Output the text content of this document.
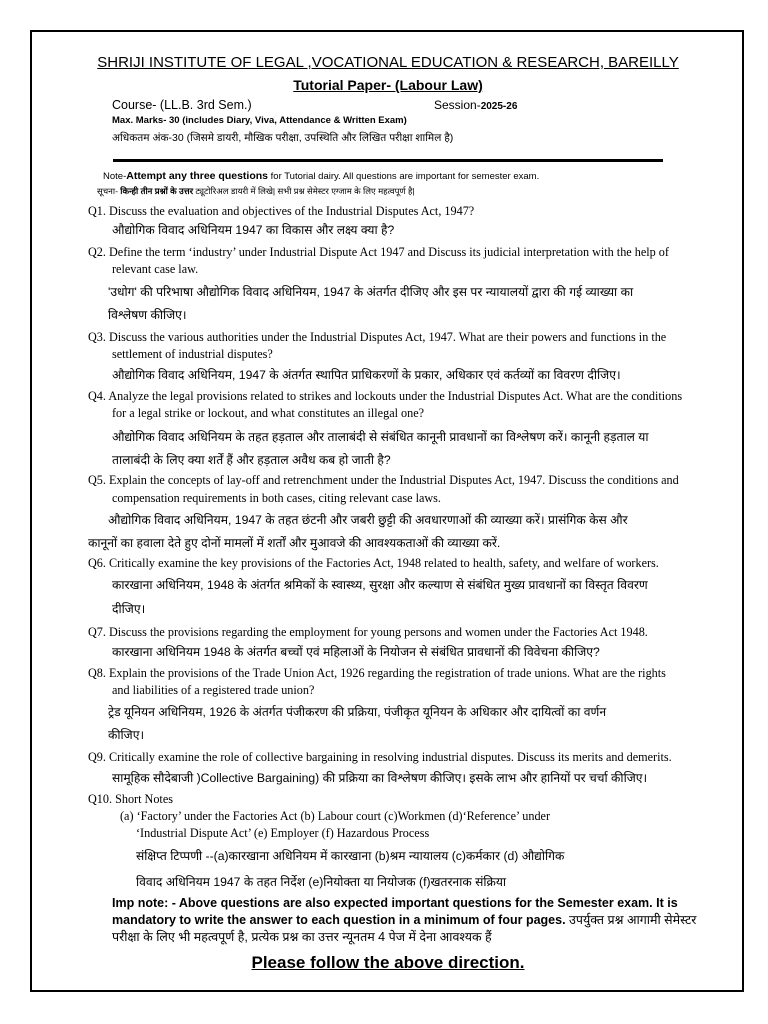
SHRIJI INSTITUTE OF LEGAL ,VOCATIONAL EDUCATION & RESEARCH, BAREILLY
Tutorial Paper- (Labour Law)
Course- (LL.B. 3rd Sem.)	Session-2025-26
Max. Marks- 30 (includes Diary, Viva, Attendance & Written Exam)
अधिकतम अंक-30 (जिसमे डायरी, मौखिक परीक्षा, उपस्थिति और लिखित परीक्षा शामिल है)
Note-Attempt any three questions for Tutorial dairy. All questions are important for semester exam.
सूचना- किन्ही तीन प्रश्नों के उत्तर ट्यूटोरिअल डायरी में लिखे| सभी प्रश्न सेमेस्टर एग्जाम के लिए महत्वपूर्ण है|
Q1. Discuss the evaluation and objectives of the Industrial Disputes Act, 1947?
औद्योगिक विवाद अधिनियम 1947 का विकास और लक्ष्य क्या है?
Q2. Define the term ‘industry’ under Industrial Dispute Act 1947 and Discuss its judicial interpretation with the help of
relevant case law.
'उधोग' की परिभाषा औद्योगिक विवाद अधिनियम, 1947 के अंतर्गत दीजिए और इस पर न्यायालयों द्वारा की गई व्याख्या का
विश्लेषण कीजिए।
Q3. Discuss the various authorities under the Industrial Disputes Act, 1947. What are their powers and functions in the
settlement of industrial disputes?
औद्योगिक विवाद अधिनियम, 1947 के अंतर्गत स्थापित प्राधिकरणों के प्रकार, अधिकार एवं कर्तव्यों का विवरण दीजिए।
Q4. Analyze the legal provisions related to strikes and lockouts under the Industrial Disputes Act. What are the conditions
for a legal strike or lockout, and what constitutes an illegal one?
औद्योगिक विवाद अधिनियम के तहत हड़ताल और तालाबंदी से संबंधित कानूनी प्रावधानों का विश्लेषण करें। कानूनी हड़ताल या
तालाबंदी के लिए क्या शर्तें हैं और हड़ताल अवैध कब हो जाती है?
Q5. Explain the concepts of lay-off and retrenchment under the Industrial Disputes Act, 1947. Discuss the conditions and
compensation requirements in both cases, citing relevant case laws.
औद्योगिक विवाद अधिनियम, 1947 के तहत छंटनी और जबरी छुट्टी की अवधारणाओं की व्याख्या करें। प्रासंगिक केस और
कानूनों का हवाला देते हुए दोनों मामलों में शर्तों और मुआवजे की आवश्यकताओं की व्याख्या करें.
Q6. Critically examine the key provisions of the Factories Act, 1948 related to health, safety, and welfare of workers.
कारखाना अधिनियम, 1948 के अंतर्गत श्रमिकों के स्वास्थ्य, सुरक्षा और कल्याण से संबंधित मुख्य प्रावधानों का विस्तृत विवरण
दीजिए।
Q7. Discuss the provisions regarding the employment for young persons and women under the Factories Act 1948.
कारखाना अधिनियम 1948 के अंतर्गत बच्चों एवं महिलाओं के नियोजन से संबंधित प्रावधानों की विवेचना कीजिए?
Q8. Explain the provisions of the Trade Union Act, 1926 regarding the registration of trade unions. What are the rights
and liabilities of a registered trade union?
ट्रेड यूनियन अधिनियम, 1926 के अंतर्गत पंजीकरण की प्रक्रिया, पंजीकृत यूनियन के अधिकार और दायित्वों का वर्णन
कीजिए।
Q9. Critically examine the role of collective bargaining in resolving industrial disputes. Discuss its merits and demerits.
सामूहिक सौदेबाजी )Collective Bargaining) की प्रक्रिया का विश्लेषण कीजिए। इसके लाभ और हानियों पर चर्चा कीजिए।
Q10. Short Notes
(a) ‘Factory’ under the Factories Act (b) Labour court (c)Workmen (d)‘Reference’ under
‘Industrial Dispute Act’ (e) Employer (f) Hazardous Process
संक्षिप्त टिप्पणी --(a)कारखाना अधिनियम में कारखाना (b)श्रम न्यायालय (c)कर्मकार (d) औद्योगिक
विवाद अधिनियम 1947 के तहत निर्देश (e)नियोक्ता या नियोजक (f)खतरनाक संक्रिया
Imp note: - Above questions are also expected important questions for the Semester exam. It is mandatory to write the answer to each question in a minimum of four pages. उपर्युक्त प्रश्न आगामी सेमेस्टर परीक्षा के लिए भी महत्वपूर्ण है, प्रत्येक प्रश्न का उत्तर न्यूनतम 4 पेज में देना आवश्यक हैं
Please follow the above direction.
